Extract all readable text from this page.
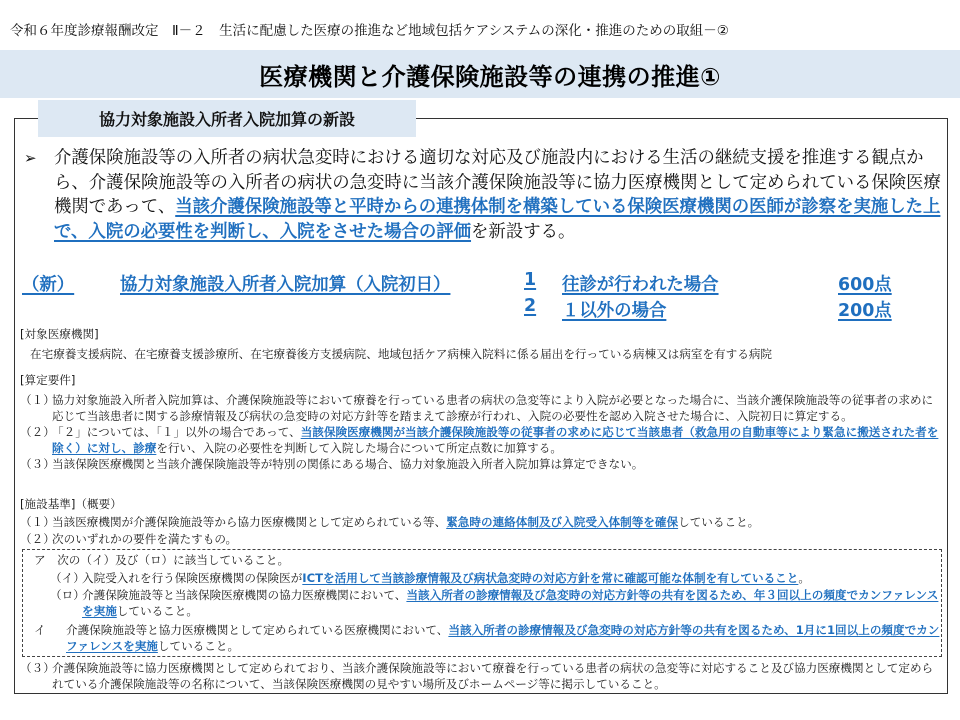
令和６年度診療報酬改定　Ⅱ－２　生活に配慮した医療の推進など地域包括ケアシステムの深化・推進のための取組－②
医療機関と介護保険施設等の連携の推進①
協力対象施設入所者入院加算の新設
➢ 介護保険施設等の入所者の病状急変時における適切な対応及び施設内における生活の継続支援を推進する観点から、介護保険施設等の入所者の病状の急変時に当該介護保険施設等に協力医療機関として定められている保険医療機関であって、当該介護保険施設等と平時からの連携体制を構築している保険医療機関の医師が診察を実施した上で、入院の必要性を判断し、入院をさせた場合の評価を新設する。
（新）	協力対象施設入所者入院加算（入院初日）	1 往診が行われた場合	600点
2 １以外の場合	200点
[対象医療機関]
在宅療養支援病院、在宅療養支援診療所、在宅療養後方支援病院、地域包括ケア病棟入院料に係る届出を行っている病棟又は病室を有する病院
[算定要件]
（１）
協力対象施設入所者入院加算は、介護保険施設等において療養を行っている患者の病状の急変等により入院が必要となった場合に、当該介護保険施設等の従事者の求めに応じて当該患者に関する診療情報及び病状の急変時の対応方針等を踏まえて診療が行われ、入院の必要性を認め入院させた場合に、入院初日に算定する。
（２）
「２」については、「１」以外の場合であって、当該保険医療機関が当該介護保険施設等の従事者の求めに応じて当該患者（救急用の自動車等により緊急に搬送された者を除く）に対し、診療を行い、入院の必要性を判断して入院した場合について所定点数に加算する。
（３）
当該保険医療機関と当該介護保険施設等が特別の関係にある場合、協力対象施設入所者入院加算は算定できない。
[施設基準]（概要）
（１）
当該医療機関が介護保険施設等から協力医療機関として定められている等、緊急時の連絡体制及び入院受入体制等を確保していること。
（２）
次のいずれかの要件を満たすもの。
ア　次の（イ）及び（ロ）に該当していること。
（イ）
入院受入れを行う保険医療機関の保険医がICTを活用して当該診療情報及び病状急変時の対応方針を常に確認可能な体制を有していること。
（ロ）
介護保険施設等と当該保険医療機関の協力医療機関において、当該入所者の診療情報及び急変時の対応方針等の共有を図るため、年３回以上の頻度でカンファレンスを実施していること。
イ 介護保険施設等と協力医療機関として定められている医療機関において、当該入所者の診療情報及び急変時の対応方針等の共有を図るため、1月に1回以上の頻度でカンファレンスを実施していること。
（３）
介護保険施設等に協力医療機関として定められており、当該介護保険施設等において療養を行っている患者の病状の急変等に対応すること及び協力医療機関として定められている介護保険施設等の名称について、当該保険医療機関の見やすい場所及びホームページ等に掲示していること。
